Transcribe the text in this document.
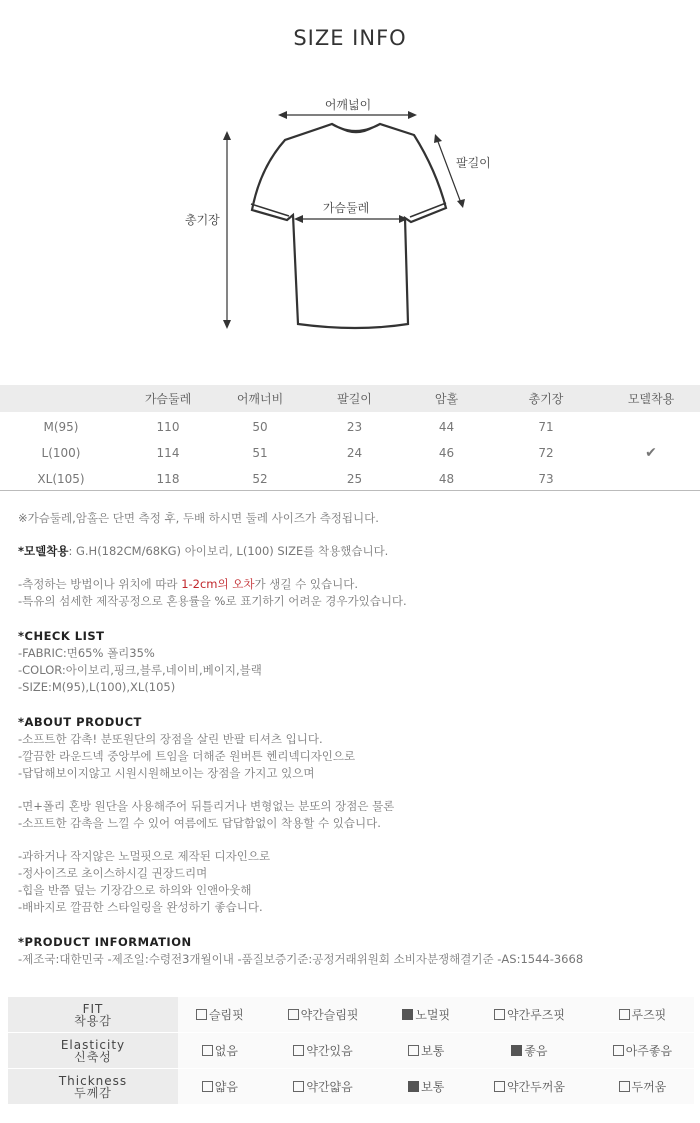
SIZE INFO
어깨넓이
팔길이
가슴둘레
총기장
	가슴둘레	어깨너비	팔길이	암홀	총기장	모델착용
M(95)	110	50	23	44	71	
L(100)	114	51	24	46	72	✔
XL(105)	118	52	25	48	73	

※가슴둘레,암홀은 단면 측정 후, 두배 하시면 둘레 사이즈가 측정됩니다.

*모델착용: G.H(182CM/68KG) 아이보리, L(100) SIZE를 착용했습니다.

-측정하는 방법이나 위치에 따라 1-2cm의 오차가 생길 수 있습니다.

-특유의 섬세한 제작공정으로 혼용률을 %로 표기하기 어려운 경우가있습니다.

*CHECK LIST

-FABRIC:면65% 폴리35%

-COLOR:아이보리,핑크,블루,네이비,베이지,블랙

-SIZE:M(95),L(100),XL(105)

*ABOUT PRODUCT

-소프트한 감촉! 분또원단의 장점을 살린 반팔 티셔츠 입니다.

-깔끔한 라운드넥 중앙부에 트임을 더해준 원버튼 헨리넥디자인으로

-답답해보이지않고 시원시원해보이는 장점을 가지고 있으며

-면+폴리 혼방 원단을 사용해주어 뒤틀리거나 변형없는 분또의 장점은 물론

-소프트한 감촉을 느낄 수 있어 여름에도 답답함없이 착용할 수 있습니다.

-과하거나 작지않은 노멀핏으로 제작된 디자인으로

-정사이즈로 초이스하시길 권장드리며

-힙을 반쯤 덮는 기장감으로 하의와 인앤아웃해

-배바지로 깔끔한 스타일링을 완성하기 좋습니다.

*PRODUCT INFORMATION

-제조국:대한민국 -제조일:수령전3개월이내 -품질보증기준:공정거래위원회 소비자분쟁해결기준 -AS:1544-3668

FIT
착용감	슬림핏	약간슬림핏	노멀핏	약간루즈핏	루즈핏
Elasticity
신축성	없음	약간있음	보통	좋음	아주좋음
Thickness
두께감	얇음	약간얇음	보통	약간두꺼움	두꺼움
